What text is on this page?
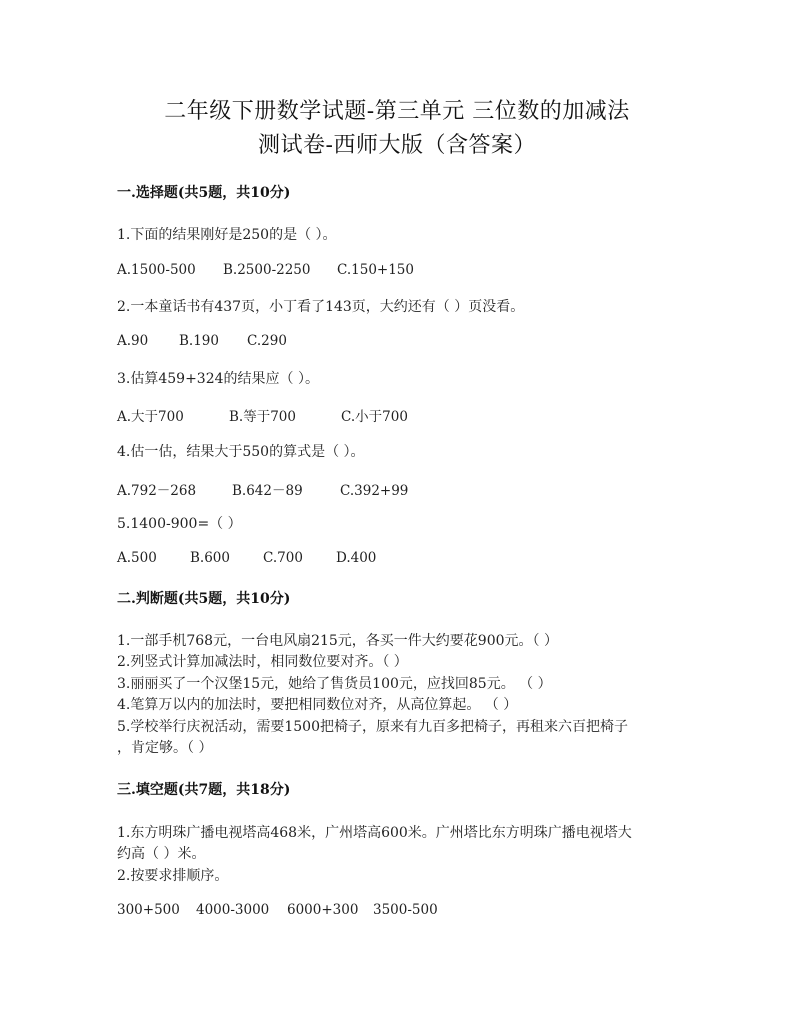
二年级下册数学试题-第三单元 三位数的加减法
测试卷-西师大版（含答案）
一.选择题(共5题，共10分)
1.下面的结果刚好是250的是（ ）。
A.1500-500 B.2500-2250 C.150+150
2.一本童话书有437页，小丁看了143页，大约还有（ ）页没看。
A.90 B.190 C.290
3.估算459+324的结果应（ ）。
A.大于700	B.等于700	C.小于700
4.估一估，结果大于550的算式是（ ）。
A.792－268	B.642－89	C.392+99
5.1400-900=（ ）
A.500 B.600 C.700 D.400
二.判断题(共5题，共10分)
1.一部手机768元，一台电风扇215元，各买一件大约要花900元。（ ）
2.列竖式计算加减法时，相同数位要对齐。（ ）
3.丽丽买了一个汉堡15元，她给了售货员100元，应找回85元。 （ ）
4.笔算万以内的加法时，要把相同数位对齐，从高位算起。 （ ）
5.学校举行庆祝活动，需要1500把椅子，原来有九百多把椅子，再租来六百把椅子
，肯定够。（ ）
三.填空题(共7题，共18分)
1.东方明珠广播电视塔高468米，广州塔高600米。广州塔比东方明珠广播电视塔大
约高（ ）米。
2.按要求排顺序。
300+500 4000-3000 6000+300 3500-500
